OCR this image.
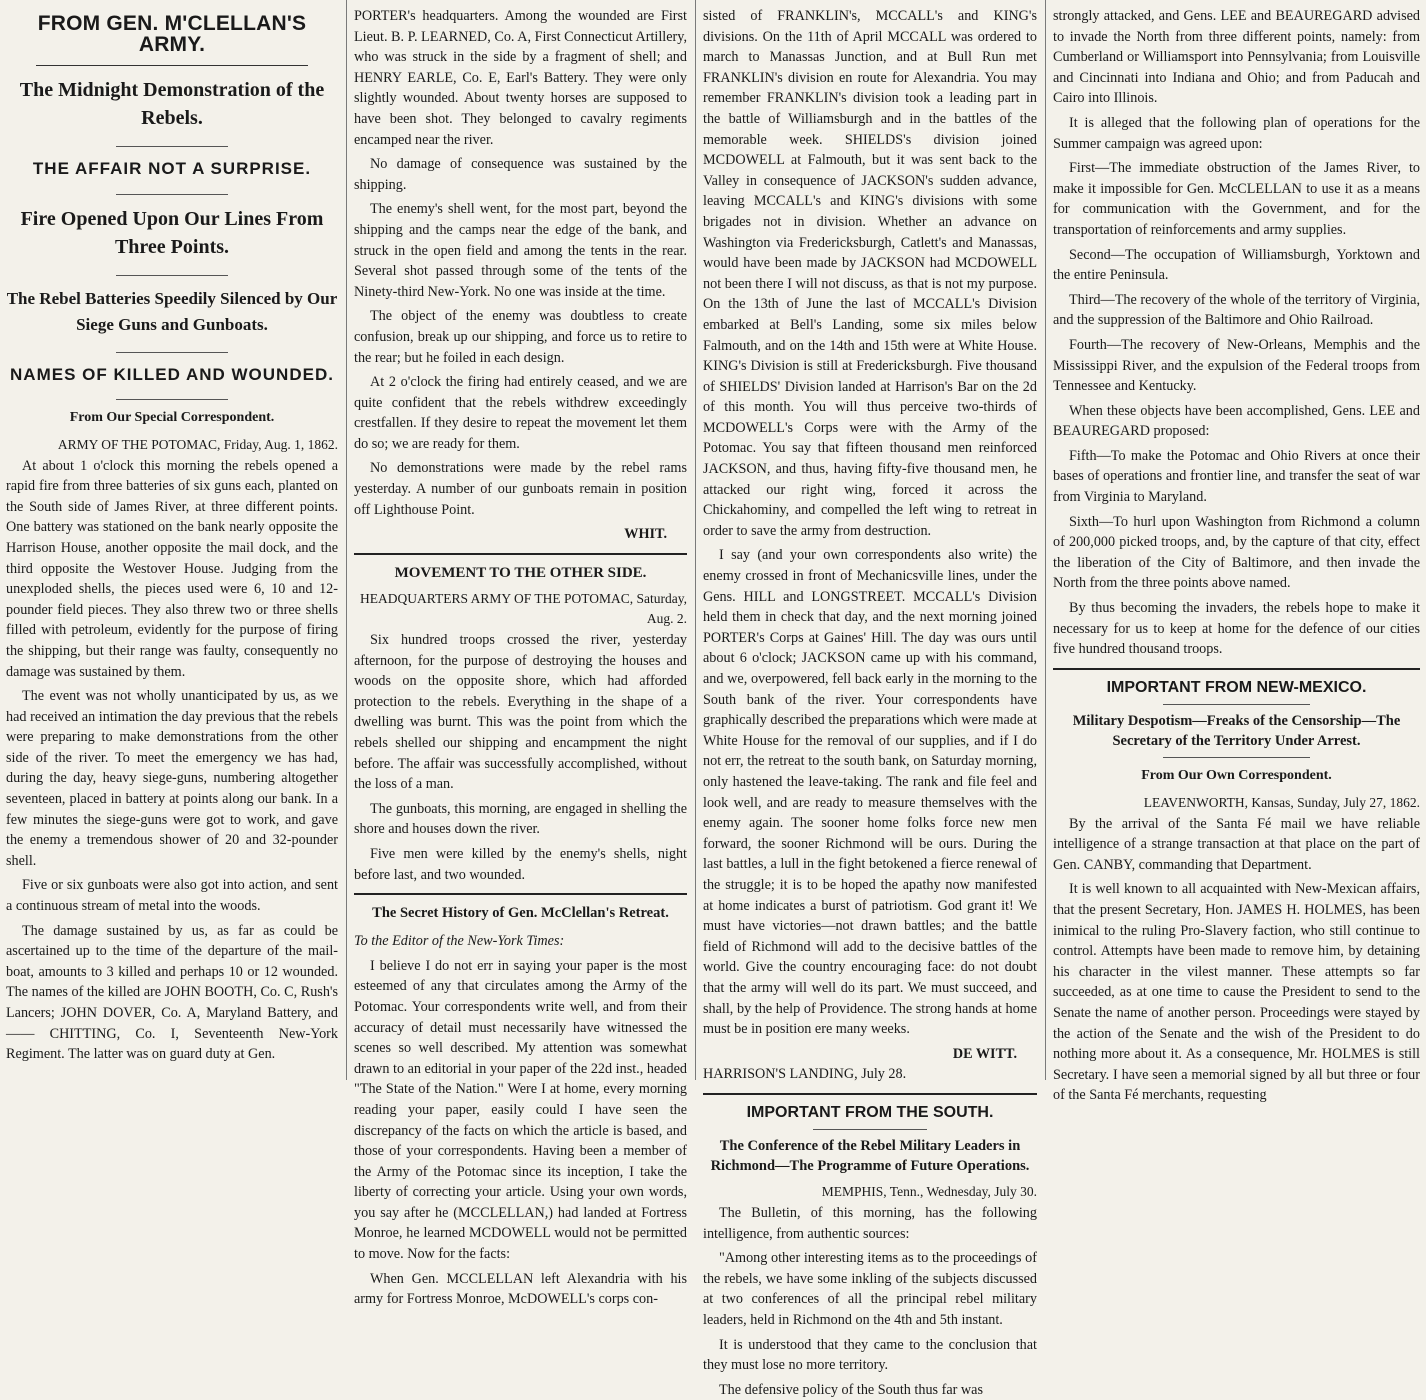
FROM GEN. M'CLELLAN'S ARMY.
The Midnight Demonstration of the Rebels.
THE AFFAIR NOT A SURPRISE.
Fire Opened Upon Our Lines From Three Points.
The Rebel Batteries Speedily Silenced by Our Siege Guns and Gunboats.
NAMES OF KILLED AND WOUNDED.
From Our Special Correspondent.
ARMY OF THE POTOMAC, Friday, Aug. 1, 1862.

At about 1 o'clock this morning the rebels opened a rapid fire from three batteries of six guns each, planted on the South side of James River, at three different points. One battery was stationed on the bank nearly opposite the Harrison House, another opposite the mail dock, and the third opposite the Westover House. Judging from the unexploded shells, the pieces used were 6, 10 and 12-pounder field pieces. They also threw two or three shells filled with petroleum, evidently for the purpose of firing the shipping, but their range was faulty, consequently no damage was sustained by them.

The event was not wholly unanticipated by us, as we had received an intimation the day previous that the rebels were preparing to make demonstrations from the other side of the river. To meet the emergency we has had, during the day, heavy siege-guns, numbering altogether seventeen, placed in battery at points along our bank. In a few minutes the siege-guns were got to work, and gave the enemy a tremendous shower of 20 and 32-pounder shell.

Five or six gunboats were also got into action, and sent a continuous stream of metal into the woods.

The damage sustained by us, as far as could be ascertained up to the time of the departure of the mail-boat, amounts to 3 killed and perhaps 10 or 12 wounded. The names of the killed are JOHN BOOTH, Co. C, Rush's Lancers; JOHN DOVER, Co. A, Maryland Battery, and —— CHITTING, Co. I, Seventeenth New-York Regiment. The latter was on guard duty at Gen.

PORTER's headquarters. Among the wounded are First Lieut. B. P. LEARNED, Co. A, First Connecticut Artillery, who was struck in the side by a fragment of shell; and HENRY EARLE, Co. E, Earl's Battery. They were only slightly wounded. About twenty horses are supposed to have been shot. They belonged to cavalry regiments encamped near the river.

No damage of consequence was sustained by the shipping.

The enemy's shell went, for the most part, beyond the shipping and the camps near the edge of the bank, and struck in the open field and among the tents in the rear. Several shot passed through some of the tents of the Ninety-third New-York. No one was inside at the time.

The object of the enemy was doubtless to create confusion, break up our shipping, and force us to retire to the rear; but he foiled in each design.

At 2 o'clock the firing had entirely ceased, and we are quite confident that the rebels withdrew exceedingly crestfallen. If they desire to repeat the movement let them do so; we are ready for them.

No demonstrations were made by the rebel rams yesterday. A number of our gunboats remain in position off Lighthouse Point.

WHIT.
MOVEMENT TO THE OTHER SIDE.
HEADQUARTERS ARMY OF THE POTOMAC, Saturday, Aug. 2.

Six hundred troops crossed the river, yesterday afternoon, for the purpose of destroying the houses and woods on the opposite shore, which had afforded protection to the rebels. Everything in the shape of a dwelling was burnt. This was the point from which the rebels shelled our shipping and encampment the night before. The affair was successfully accomplished, without the loss of a man.

The gunboats, this morning, are engaged in shelling the shore and houses down the river.

Five men were killed by the enemy's shells, night before last, and two wounded.

The Secret History of Gen. McClellan's Retreat.

To the Editor of the New-York Times:

I believe I do not err in saying your paper is the most esteemed of any that circulates among the Army of the Potomac. Your correspondents write well, and from their accuracy of detail must necessarily have witnessed the scenes so well described. My attention was somewhat drawn to an editorial in your paper of the 22d inst., headed "The State of the Nation." Were I at home, every morning reading your paper, easily could I have seen the discrepancy of the facts on which the article is based, and those of your correspondents. Having been a member of the Army of the Potomac since its inception, I take the liberty of correcting your article. Using your own words, you say after he (MCCLELLAN,) had landed at Fortress Monroe, he learned MCDOWELL would not be permitted to move. Now for the facts:

When Gen. MCCLELLAN left Alexandria with his army for Fortress Monroe, McDOWELL's corps con-

sisted of FRANKLIN's, MCCALL's and KING's divisions. On the 11th of April MCCALL was ordered to march to Manassas Junction, and at Bull Run met FRANKLIN's division en route for Alexandria. You may remember FRANKLIN's division took a leading part in the battle of Williamsburgh and in the battles of the memorable week. SHIELDS's division joined MCDOWELL at Falmouth, but it was sent back to the Valley in consequence of JACKSON's sudden advance, leaving MCCALL's and KING's divisions with some brigades not in division. Whether an advance on Washington via Fredericksburgh, Catlett's and Manassas, would have been made by JACKSON had MCDOWELL not been there I will not discuss, as that is not my purpose. On the 13th of June the last of MCCALL's Division embarked at Bell's Landing, some six miles below Falmouth, and on the 14th and 15th were at White House. KING's Division is still at Fredericksburgh. Five thousand of SHIELDS' Division landed at Harrison's Bar on the 2d of this month. You will thus perceive two-thirds of MCDOWELL's Corps were with the Army of the Potomac. You say that fifteen thousand men reinforced JACKSON, and thus, having fifty-five thousand men, he attacked our right wing, forced it across the Chickahominy, and compelled the left wing to retreat in order to save the army from destruction.

I say (and your own correspondents also write) the enemy crossed in front of Mechanicsville lines, under the Gens. HILL and LONGSTREET. MCCALL's Division held them in check that day, and the next morning joined PORTER's Corps at Gaines' Hill. The day was ours until about 6 o'clock; JACKSON came up with his command, and we, overpowered, fell back early in the morning to the South bank of the river. Your correspondents have graphically described the preparations which were made at White House for the removal of our supplies, and if I do not err, the retreat to the south bank, on Saturday morning, only hastened the leave-taking. The rank and file feel and look well, and are ready to measure themselves with the enemy again. The sooner home folks force new men forward, the sooner Richmond will be ours. During the last battles, a lull in the fight betokened a fierce renewal of the struggle; it is to be hoped the apathy now manifested at home indicates a burst of patriotism. God grant it! We must have victories—not drawn battles; and the battle field of Richmond will add to the decisive battles of the world. Give the country encouraging face: do not doubt that the army will well do its part. We must succeed, and shall, by the help of Providence. The strong hands at home must be in position ere many weeks.

DE WITT.

HARRISON'S LANDING, July 28.

IMPORTANT FROM THE SOUTH.
The Conference of the Rebel Military Leaders in Richmond—The Programme of Future Operations.
MEMPHIS, Tenn., Wednesday, July 30.

The Bulletin, of this morning, has the following intelligence, from authentic sources:

"Among other interesting items as to the proceedings of the rebels, we have some inkling of the subjects discussed at two conferences of all the principal rebel military leaders, held in Richmond on the 4th and 5th instant.

It is understood that they came to the conclusion that they must lose no more territory.

The defensive policy of the South thus far was

strongly attacked, and Gens. LEE and BEAUREGARD advised to invade the North from three different points, namely: from Cumberland or Williamsport into Pennsylvania; from Louisville and Cincinnati into Indiana and Ohio; and from Paducah and Cairo into Illinois.

It is alleged that the following plan of operations for the Summer campaign was agreed upon:

First—The immediate obstruction of the James River, to make it impossible for Gen. McCLELLAN to use it as a means for communication with the Government, and for the transportation of reinforcements and army supplies.

Second—The occupation of Williamsburgh, Yorktown and the entire Peninsula.

Third—The recovery of the whole of the territory of Virginia, and the suppression of the Baltimore and Ohio Railroad.

Fourth—The recovery of New-Orleans, Memphis and the Mississippi River, and the expulsion of the Federal troops from Tennessee and Kentucky.

When these objects have been accomplished, Gens. LEE and BEAUREGARD proposed:

Fifth—To make the Potomac and Ohio Rivers at once their bases of operations and frontier line, and transfer the seat of war from Virginia to Maryland.

Sixth—To hurl upon Washington from Richmond a column of 200,000 picked troops, and, by the capture of that city, effect the liberation of the City of Baltimore, and then invade the North from the three points above named.

By thus becoming the invaders, the rebels hope to make it necessary for us to keep at home for the defence of our cities five hundred thousand troops.

IMPORTANT FROM NEW-MEXICO.
Military Despotism—Freaks of the Censorship—The Secretary of the Territory Under Arrest.
From Our Own Correspondent.
LEAVENWORTH, Kansas, Sunday, July 27, 1862.

By the arrival of the Santa Fé mail we have reliable intelligence of a strange transaction at that place on the part of Gen. CANBY, commanding that Department.

It is well known to all acquainted with New-Mexican affairs, that the present Secretary, Hon. JAMES H. HOLMES, has been inimical to the ruling Pro-Slavery faction, who still continue to control. Attempts have been made to remove him, by detaining his character in the vilest manner. These attempts so far succeeded, as at one time to cause the President to send to the Senate the name of another person. Proceedings were stayed by the action of the Senate and the wish of the President to do nothing more about it. As a consequence, Mr. HOLMES is still Secretary. I have seen a memorial signed by all but three or four of the Santa Fé merchants, requesting
